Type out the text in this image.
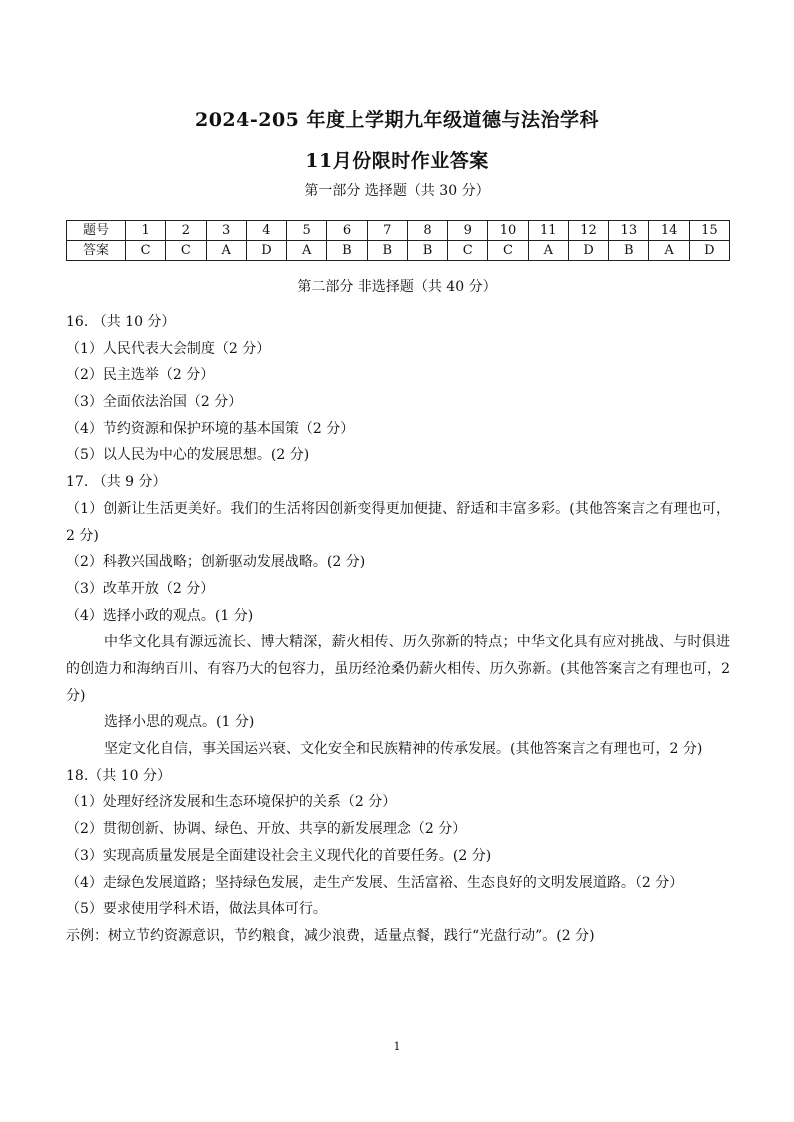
2024-205 年度上学期九年级道德与法治学科
11月份限时作业答案
第一部分 选择题（共 30 分）
题号	1	2	3	4	5	6	7	8	9	10	11	12	13	14	15
答案	C	C	A	D	A	B	B	B	C	C	A	D	B	A	D
第二部分 非选择题（共 40 分）
16. （共 10 分）
（1）人民代表大会制度（2 分）
（2）民主选举（2 分）
（3）全面依法治国（2 分）
（4）节约资源和保护环境的基本国策（2 分）
（5）以人民为中心的发展思想。(2 分)
17. （共 9 分）
（1）创新让生活更美好。我们的生活将因创新变得更加便捷、舒适和丰富多彩。(其他答案言之有理也可，2 分)
（2）科教兴国战略；创新驱动发展战略。(2 分)
（3）改革开放（2 分）
（4）选择小政的观点。(1 分)
中华文化具有源远流长、博大精深，薪火相传、历久弥新的特点；中华文化具有应对挑战、与时俱进的创造力和海纳百川、有容乃大的包容力，虽历经沧桑仍薪火相传、历久弥新。(其他答案言之有理也可，2 分)
选择小思的观点。(1 分)
坚定文化自信，事关国运兴衰、文化安全和民族精神的传承发展。(其他答案言之有理也可，2 分)
18.（共 10 分）
（1）处理好经济发展和生态环境保护的关系（2 分）
（2）贯彻创新、协调、绿色、开放、共享的新发展理念（2 分）
（3）实现高质量发展是全面建设社会主义现代化的首要任务。(2 分)
（4）走绿色发展道路；坚持绿色发展，走生产发展、生活富裕、生态良好的文明发展道路。（2 分）
（5）要求使用学科术语，做法具体可行。
示例：树立节约资源意识，节约粮食，减少浪费，适量点餐，践行“光盘行动”。(2 分)
1
